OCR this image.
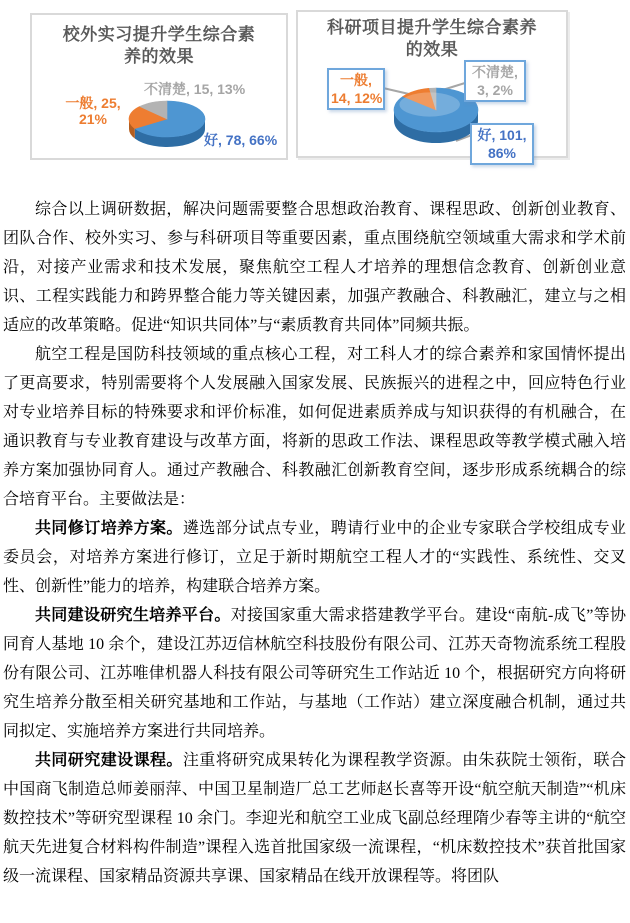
校外实习提升学生综合素养的效果
不清楚, 15, 13%
一般, 25,
21%
好, 78, 66%
科研项目提升学生综合素养的效果
一般,
14, 12%
不清楚,
3, 2%
好, 101,
86%

综合以上调研数据，解决问题需要整合思想政治教育、课程思政、创新创业教育、团队合作、校外实习、参与科研项目等重要因素，重点围绕航空领域重大需求和学术前沿，对接产业需求和技术发展，聚焦航空工程人才培养的理想信念教育、创新创业意识、工程实践能力和跨界整合能力等关键因素，加强产教融合、科教融汇，建立与之相适应的改革策略。促进“知识共同体”与“素质教育共同体”同频共振。

航空工程是国防科技领域的重点核心工程，对工科人才的综合素养和家国情怀提出了更高要求，特别需要将个人发展融入国家发展、民族振兴的进程之中，回应特色行业对专业培养目标的特殊要求和评价标准，如何促进素质养成与知识获得的有机融合，在通识教育与专业教育建设与改革方面，将新的思政工作法、课程思政等教学模式融入培养方案加强协同育人。通过产教融合、科教融汇创新教育空间，逐步形成系统耦合的综合培育平台。主要做法是：

共同修订培养方案。遴选部分试点专业，聘请行业中的企业专家联合学校组成专业委员会，对培养方案进行修订，立足于新时期航空工程人才的“实践性、系统性、交叉性、创新性”能力的培养，构建联合培养方案。

共同建设研究生培养平台。对接国家重大需求搭建教学平台。建设“南航-成飞”等协同育人基地 10 余个，建设江苏迈信林航空科技股份有限公司、江苏天奇物流系统工程股份有限公司、江苏唯侓机器人科技有限公司等研究生工作站近 10 个，根据研究方向将研究生培养分散至相关研究基地和工作站，与基地（工作站）建立深度融合机制，通过共同拟定、实施培养方案进行共同培养。

共同研究建设课程。注重将研究成果转化为课程教学资源。由朱荻院士领衔，联合中国商飞制造总师姜丽萍、中国卫星制造厂总工艺师赵长喜等开设“航空航天制造”“机床数控技术”等研究型课程 10 余门。李迎光和航空工业成飞副总经理隋少春等主讲的“航空航天先进复合材料构件制造”课程入选首批国家级一流课程，“机床数控技术”获首批国家级一流课程、国家精品资源共享课、国家精品在线开放课程等。将团队
